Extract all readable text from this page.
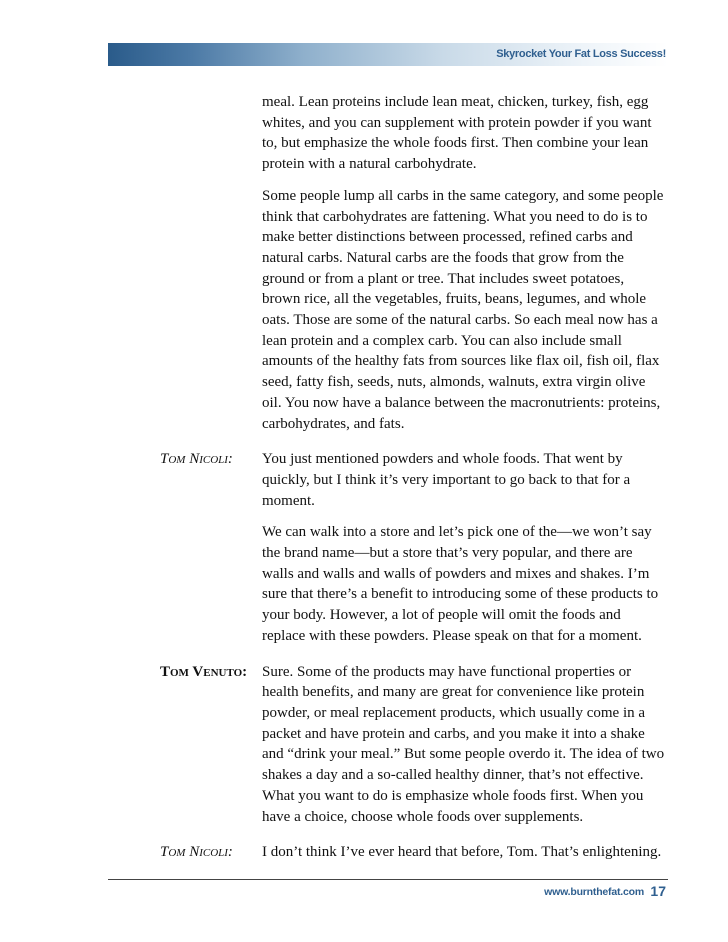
Skyrocket Your Fat Loss Success!

meal. Lean proteins include lean meat, chicken, turkey, fish, egg whites, and you can supplement with protein powder if you want to, but emphasize the whole foods first. Then combine your lean protein with a natural carbohydrate.

Some people lump all carbs in the same category, and some people think that carbohydrates are fattening. What you need to do is to make better distinctions between processed, refined carbs and natural carbs. Natural carbs are the foods that grow from the ground or from a plant or tree. That includes sweet potatoes, brown rice, all the vegetables, fruits, beans, legumes, and whole oats. Those are some of the natural carbs. So each meal now has a lean protein and a complex carb. You can also include small amounts of the healthy fats from sources like flax oil, fish oil, flax seed, fatty fish, seeds, nuts, almonds, walnuts, extra virgin olive oil. You now have a balance between the macronutrients: proteins, carbohydrates, and fats.

Tom Nicoli:	You just mentioned powders and whole foods. That went by quickly, but I think it’s very important to go back to that for a moment.

We can walk into a store and let’s pick one of the—we won’t say the brand name—but a store that’s very popular, and there are walls and walls and walls of powders and mixes and shakes. I’m sure that there’s a benefit to introducing some of these products to your body. However, a lot of people will omit the foods and replace with these powders. Please speak on that for a moment.

Tom Venuto: Sure. Some of the products may have functional properties or health benefits, and many are great for convenience like protein powder, or meal replacement products, which usually come in a packet and have protein and carbs, and you make it into a shake and “drink your meal.” But some people overdo it. The idea of two shakes a day and a so-called healthy dinner, that’s not effective. What you want to do is emphasize whole foods first. When you have a choice, choose whole foods over supplements.

Tom Nicoli:	I don’t think I’ve ever heard that before, Tom. That’s enlightening.

www.burnthefat.com 17
